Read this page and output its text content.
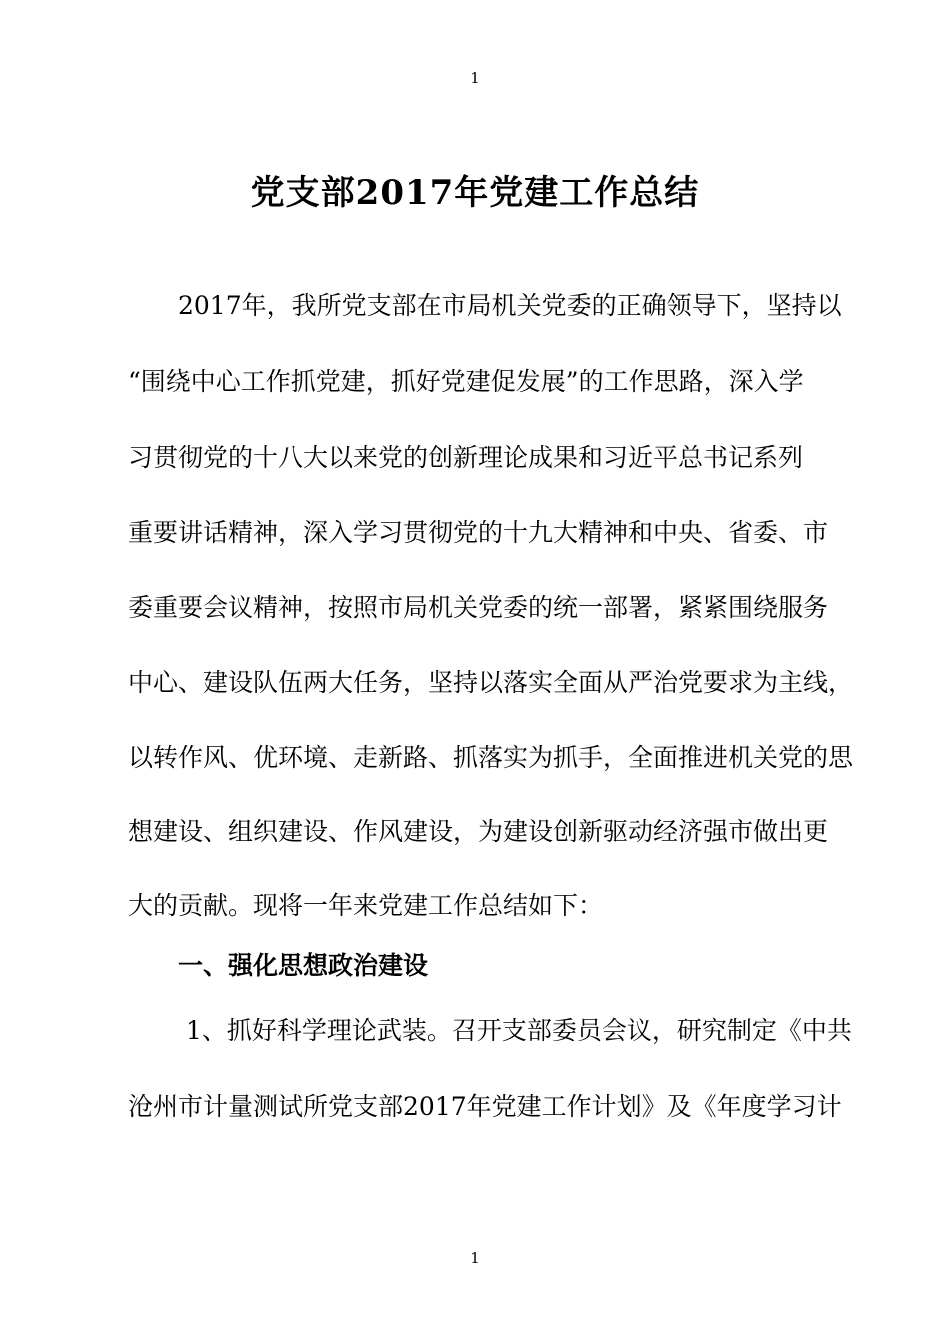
1
党支部2017年党建工作总结
2017年，我所党支部在市局机关党委的正确领导下，坚持以
“围绕中心工作抓党建，抓好党建促发展”的工作思路，深入学
习贯彻党的十八大以来党的创新理论成果和习近平总书记系列
重要讲话精神，深入学习贯彻党的十九大精神和中央、省委、市
委重要会议精神，按照市局机关党委的统一部署，紧紧围绕服务
中心、建设队伍两大任务，坚持以落实全面从严治党要求为主线，
以转作风、优环境、走新路、抓落实为抓手，全面推进机关党的思
想建设、组织建设、作风建设，为建设创新驱动经济强市做出更
大的贡献。现将一年来党建工作总结如下：
一、强化思想政治建设
1、抓好科学理论武装。召开支部委员会议，研究制定《中共
沧州市计量测试所党支部2017年党建工作计划》及《年度学习计
1
